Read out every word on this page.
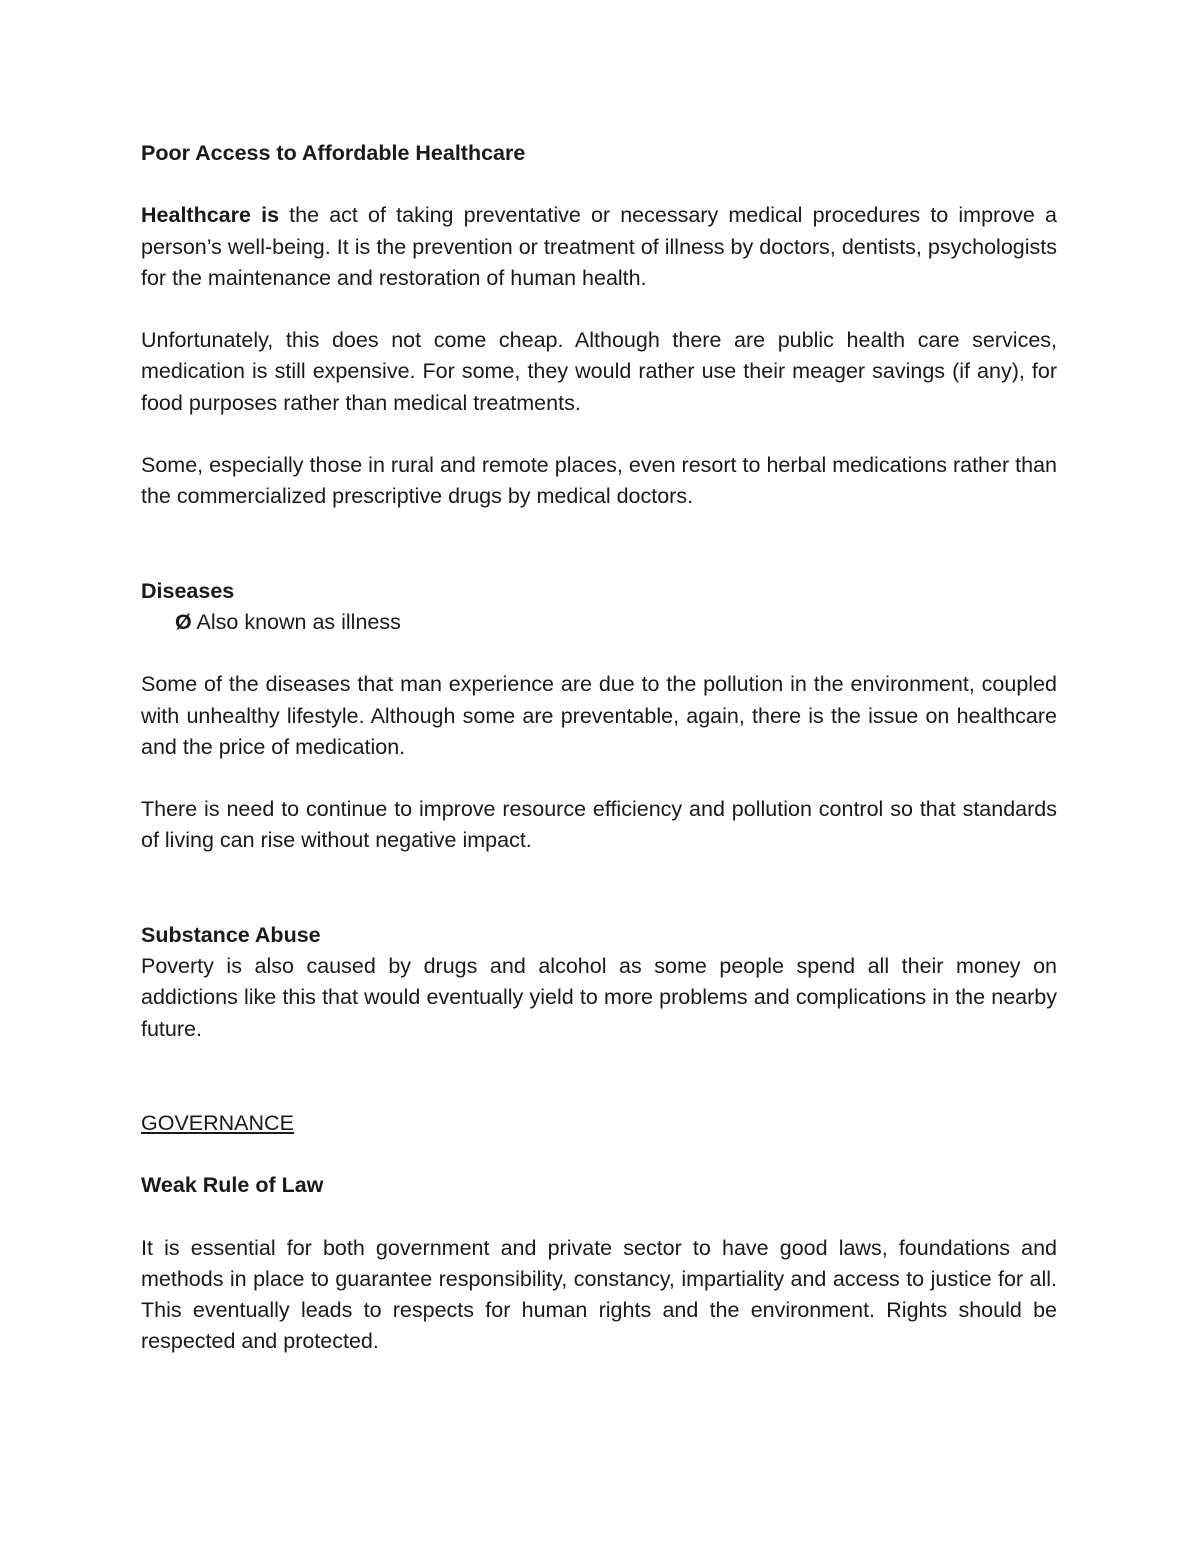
Poor Access to Affordable Healthcare

Healthcare is the act of taking preventative or necessary medical procedures to improve a person’s well-being. It is the prevention or treatment of illness by doctors, dentists, psychologists for the maintenance and restoration of human health.

Unfortunately, this does not come cheap. Although there are public health care services, medication is still expensive. For some, they would rather use their meager savings (if any), for food purposes rather than medical treatments.

Some, especially those in rural and remote places, even resort to herbal medications rather than the commercialized prescriptive drugs by medical doctors.

Diseases

Ø Also known as illness

Some of the diseases that man experience are due to the pollution in the environment, coupled with unhealthy lifestyle. Although some are preventable, again, there is the issue on healthcare and the price of medication.

There is need to continue to improve resource efficiency and pollution control so that standards of living can rise without negative impact.

Substance Abuse

Poverty is also caused by drugs and alcohol as some people spend all their money on addictions like this that would eventually yield to more problems and complications in the nearby future.

GOVERNANCE

Weak Rule of Law

It is essential for both government and private sector to have good laws, foundations and methods in place to guarantee responsibility, constancy, impartiality and access to justice for all. This eventually leads to respects for human rights and the environment. Rights should be respected and protected.
